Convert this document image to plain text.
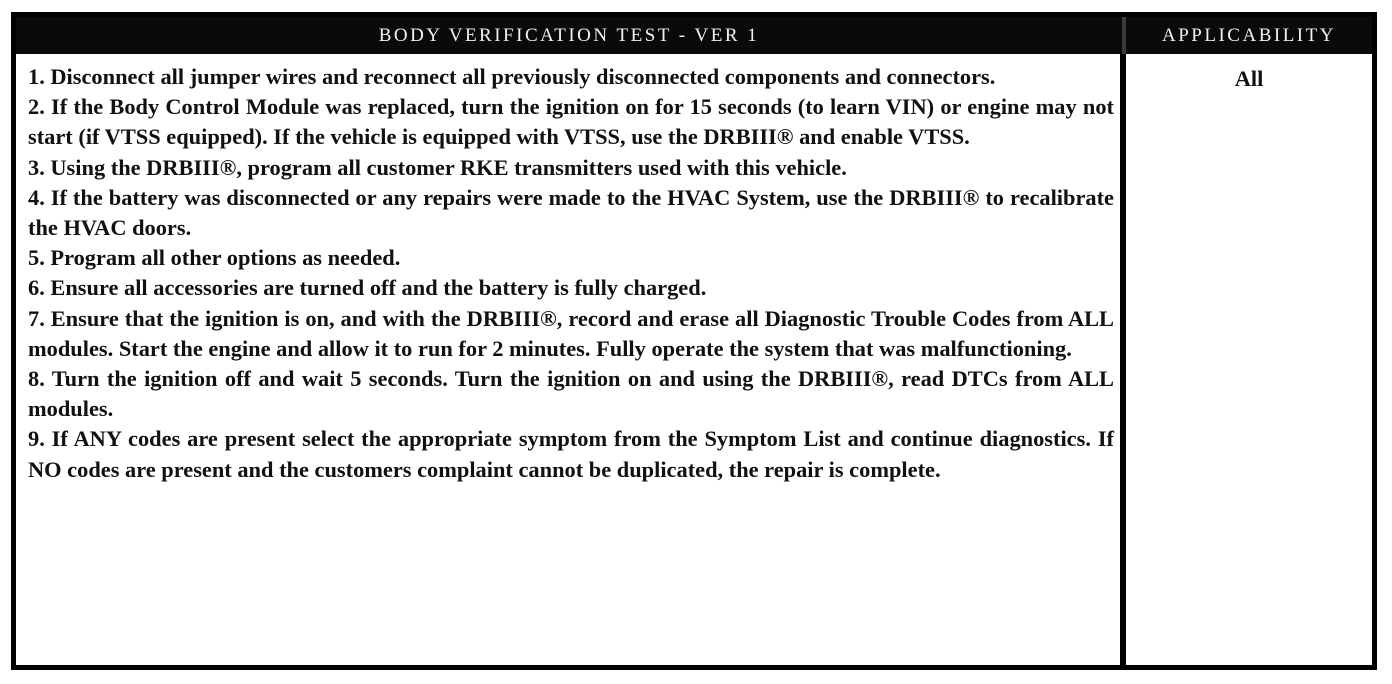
BODY VERIFICATION TEST - VER 1	APPLICABILITY

1. Disconnect all jumper wires and reconnect all previously disconnected components and connectors.

2. If the Body Control Module was replaced, turn the ignition on for 15 seconds (to learn VIN) or engine may not start (if VTSS equipped). If the vehicle is equipped with VTSS, use the DRBIII® and enable VTSS.

3. Using the DRBIII®, program all customer RKE transmitters used with this vehicle.

4. If the battery was disconnected or any repairs were made to the HVAC System, use the DRBIII® to recalibrate the HVAC doors.

5. Program all other options as needed.

6. Ensure all accessories are turned off and the battery is fully charged.

7. Ensure that the ignition is on, and with the DRBIII®, record and erase all Diagnostic Trouble Codes from ALL modules. Start the engine and allow it to run for 2 minutes. Fully operate the system that was malfunctioning.

8. Turn the ignition off and wait 5 seconds. Turn the ignition on and using the DRBIII®, read DTCs from ALL modules.

9. If ANY codes are present select the appropriate symptom from the Symptom List and continue diagnostics. If NO codes are present and the customers complaint cannot be duplicated, the repair is complete.

All
